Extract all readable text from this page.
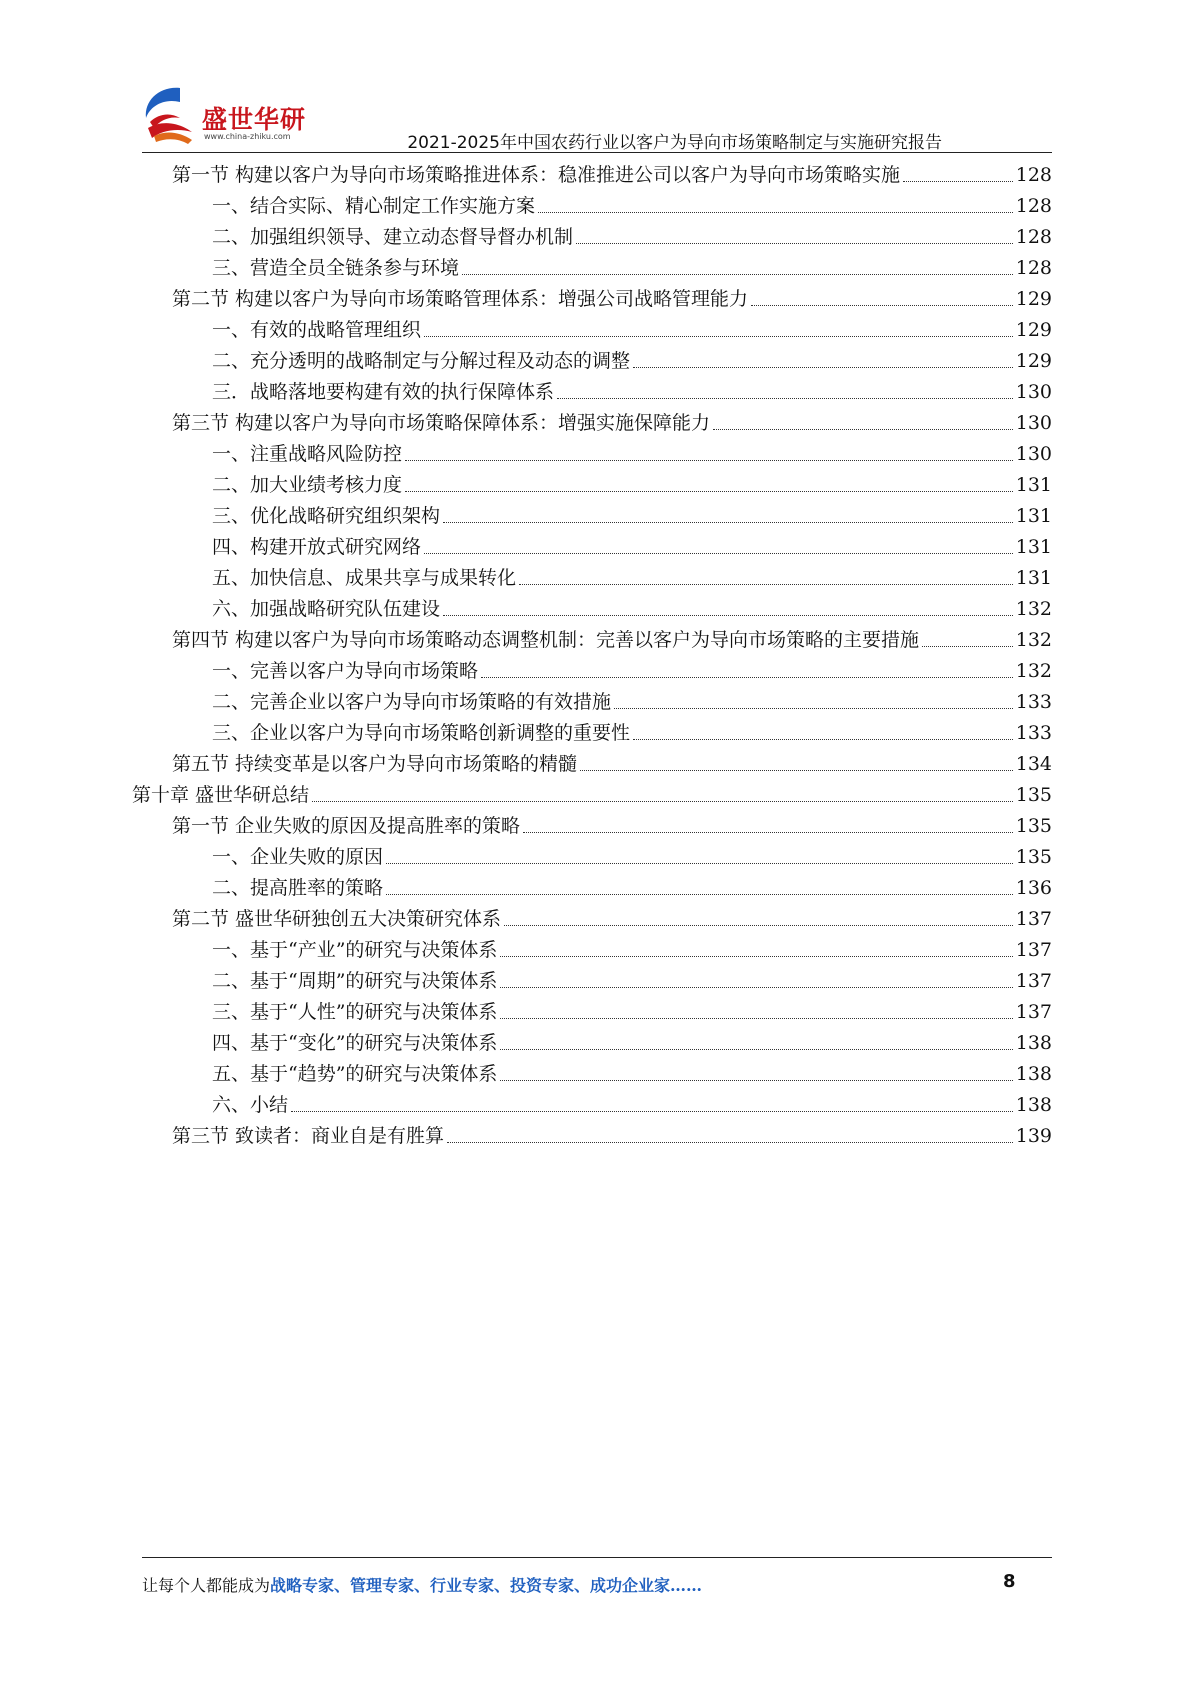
盛世华研
www.china-zhiku.com	2021-2025年中国农药行业以客户为导向市场策略制定与实施研究报告
第一节 构建以客户为导向市场策略推进体系：稳准推进公司以客户为导向市场策略实施	128
一、结合实际、精心制定工作实施方案	128
二、加强组织领导、建立动态督导督办机制	128
三、营造全员全链条参与环境	128
第二节 构建以客户为导向市场策略管理体系：增强公司战略管理能力	129
一、有效的战略管理组织	129
二、充分透明的战略制定与分解过程及动态的调整	129
三．战略落地要构建有效的执行保障体系	130
第三节 构建以客户为导向市场策略保障体系：增强实施保障能力	130
一、注重战略风险防控	130
二、加大业绩考核力度	131
三、优化战略研究组织架构	131
四、构建开放式研究网络	131
五、加快信息、成果共享与成果转化	131
六、加强战略研究队伍建设	132
第四节 构建以客户为导向市场策略动态调整机制：完善以客户为导向市场策略的主要措施	132
一、完善以客户为导向市场策略	132
二、完善企业以客户为导向市场策略的有效措施	133
三、企业以客户为导向市场策略创新调整的重要性	133
第五节 持续变革是以客户为导向市场策略的精髓	134
第十章 盛世华研总结	135
第一节 企业失败的原因及提高胜率的策略	135
一、企业失败的原因	135
二、提高胜率的策略	136
第二节 盛世华研独创五大决策研究体系	137
一、基于“产业”的研究与决策体系	137
二、基于“周期”的研究与决策体系	137
三、基于“人性”的研究与决策体系	137
四、基于“变化”的研究与决策体系	138
五、基于“趋势”的研究与决策体系	138
六、小结	138
第三节 致读者：商业自是有胜算	139
让每个人都能成为战略专家、管理专家、行业专家、投资专家、成功企业家……	8
